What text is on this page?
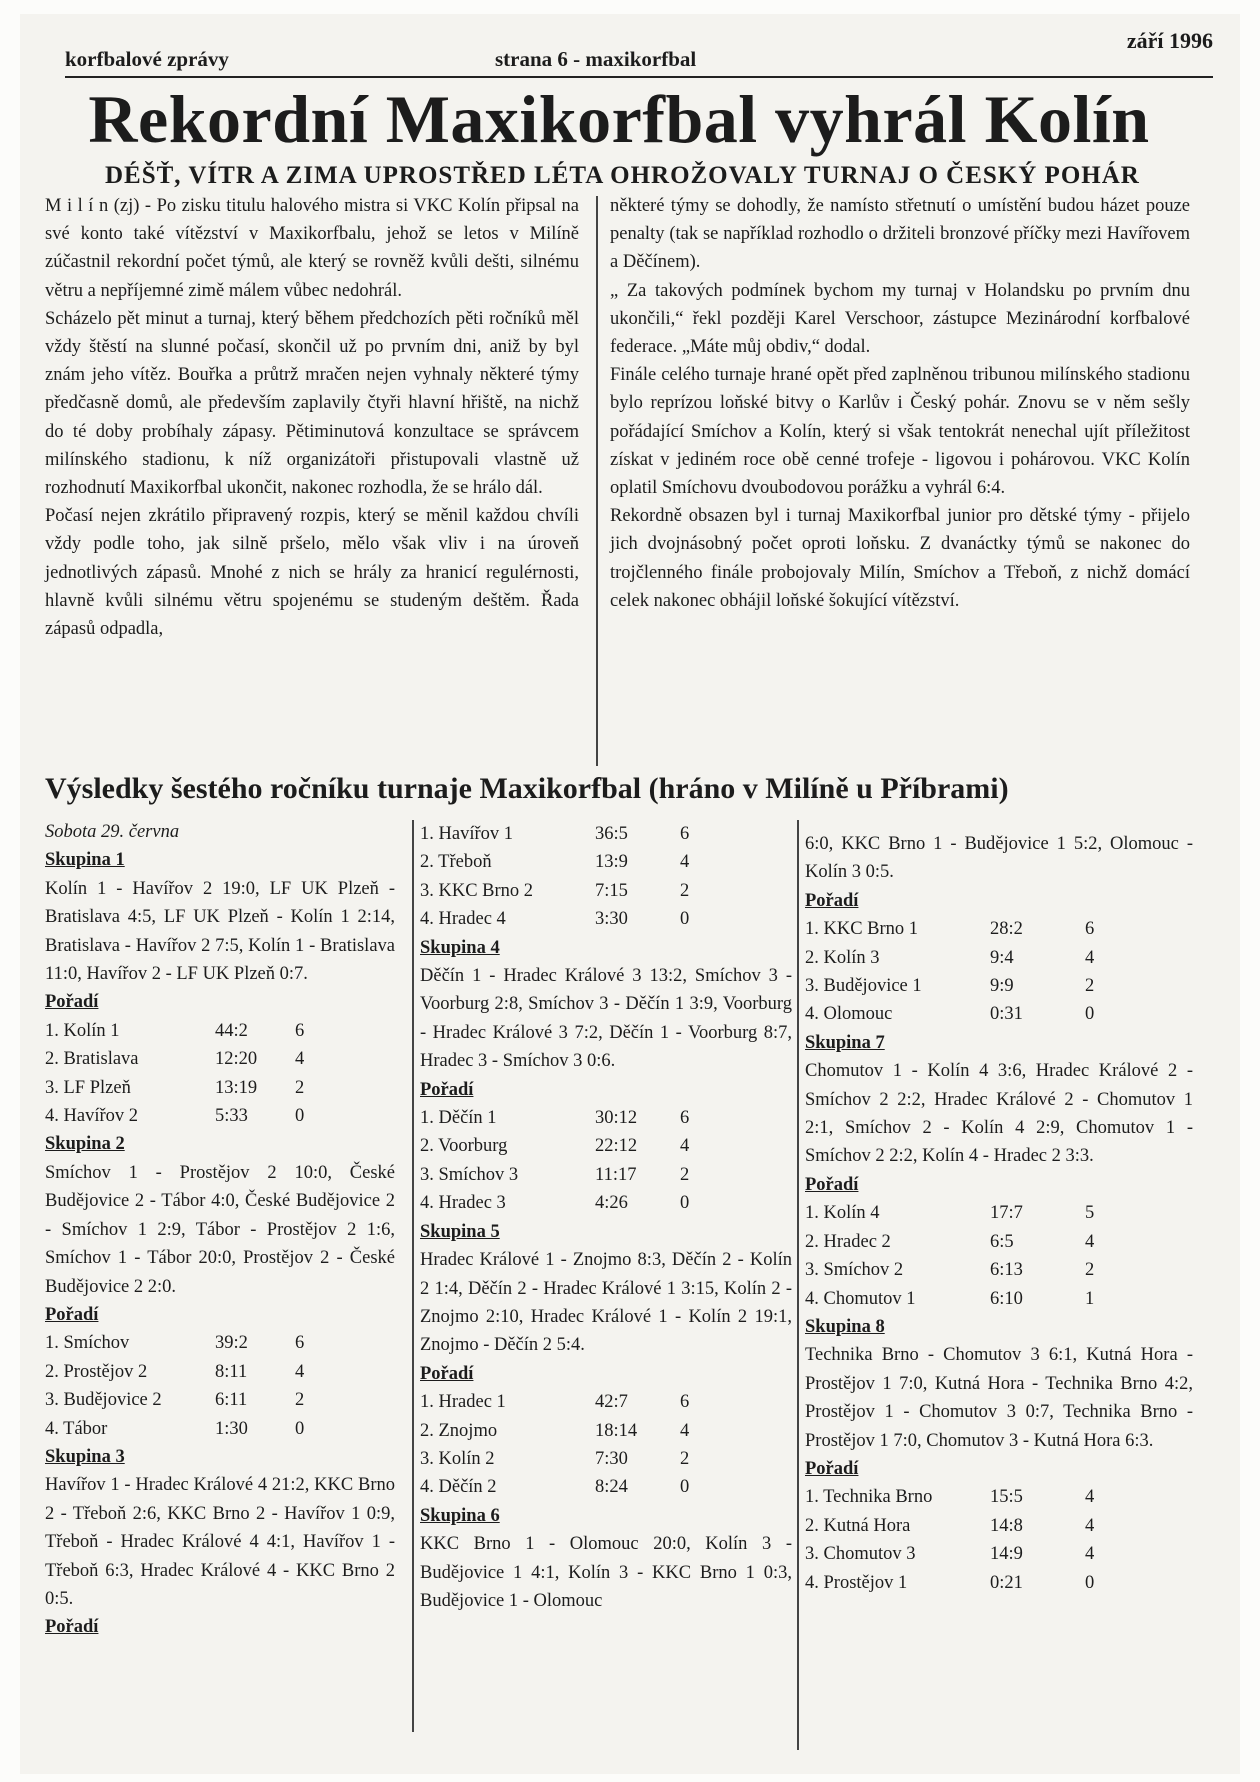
korfbalové zprávy	strana 6 - maxikorfbal
září 1996
Rekordní Maxikorfbal vyhrál Kolín
DÉŠŤ, VÍTR A ZIMA UPROSTŘED LÉTA OHROŽOVALY TURNAJ O ČESKÝ POHÁR

M i l í n (zj) - Po zisku titulu halového mistra si VKC Kolín připsal na své konto také vítězství v Maxikorfbalu, jehož se letos v Milíně zúčastnil rekordní počet týmů, ale který se rovněž kvůli dešti, silnému větru a nepříjemné zimě málem vůbec nedohrál.

Scházelo pět minut a turnaj, který během předchozích pěti ročníků měl vždy štěstí na slunné počasí, skončil už po prvním dni, aniž by byl znám jeho vítěz. Bouřka a průtrž mračen nejen vyhnaly některé týmy předčasně domů, ale především zaplavily čtyři hlavní hřiště, na nichž do té doby probíhaly zápasy. Pětiminutová konzultace se správcem milínského stadionu, k níž organizátoři přistupovali vlastně už rozhodnutí Maxikorfbal ukončit, nakonec rozhodla, že se hrálo dál.

Počasí nejen zkrátilo připravený rozpis, který se měnil každou chvíli vždy podle toho, jak silně pršelo, mělo však vliv i na úroveň jednotlivých zápasů. Mnohé z nich se hrály za hranicí regulérnosti, hlavně kvůli silnému větru spojenému se studeným deštěm. Řada zápasů odpadla,

některé týmy se dohodly, že namísto střetnutí o umístění budou házet pouze penalty (tak se například rozhodlo o držiteli bronzové příčky mezi Havířovem a Děčínem).

„ Za takových podmínek bychom my turnaj v Holandsku po prvním dnu ukončili,“ řekl později Karel Verschoor, zástupce Mezinárodní korfbalové federace. „Máte můj obdiv,“ dodal.

Finále celého turnaje hrané opět před zaplněnou tribunou milínského stadionu bylo reprízou loňské bitvy o Karlův i Český pohár. Znovu se v něm sešly pořádající Smíchov a Kolín, který si však tentokrát nenechal ujít příležitost získat v jediném roce obě cenné trofeje - ligovou i pohárovou. VKC Kolín oplatil Smíchovu dvoubodovou porážku a vyhrál 6:4.

Rekordně obsazen byl i turnaj Maxikorfbal junior pro dětské týmy - přijelo jich dvojnásobný počet oproti loňsku. Z dvanáctky týmů se nakonec do trojčlenného finále probojovaly Milín, Smíchov a Třeboň, z nichž domácí celek nakonec obhájil loňské šokující vítězství.

Výsledky šestého ročníku turnaje Maxikorfbal (hráno v Milíně u Příbrami)

Sobota 29. června

Skupina 1

Kolín 1 - Havířov 2 19:0, LF UK Plzeň - Bratislava 4:5, LF UK Plzeň - Kolín 1 2:14, Bratislava - Havířov 2 7:5, Kolín 1 - Bratislava 11:0, Havířov 2 - LF UK Plzeň 0:7.

Pořadí

1. Kolín 1	44:2	6
2. Bratislava	12:20	4
3. LF Plzeň	13:19	2
4. Havířov 2	5:33	0

Skupina 2

Smíchov 1 - Prostějov 2 10:0, České Budějovice 2 - Tábor 4:0, České Budějovice 2 - Smíchov 1 2:9, Tábor - Prostějov 2 1:6, Smíchov 1 - Tábor 20:0, Prostějov 2 - České Budějovice 2 2:0.

Pořadí

1. Smíchov	39:2	6
2. Prostějov 2	8:11	4
3. Budějovice 2	6:11	2
4. Tábor	1:30	0

Skupina 3

Havířov 1 - Hradec Králové 4 21:2, KKC Brno 2 - Třeboň 2:6, KKC Brno 2 - Havířov 1 0:9, Třeboň - Hradec Králové 4 4:1, Havířov 1 - Třeboň 6:3, Hradec Králové 4 - KKC Brno 2 0:5.

Pořadí

1. Havířov 1	36:5	6
2. Třeboň	13:9	4
3. KKC Brno 2	7:15	2
4. Hradec 4	3:30	0

Skupina 4

Děčín 1 - Hradec Králové 3 13:2, Smíchov 3 - Voorburg 2:8, Smíchov 3 - Děčín 1 3:9, Voorburg - Hradec Králové 3 7:2, Děčín 1 - Voorburg 8:7, Hradec 3 - Smíchov 3 0:6.

Pořadí

1. Děčín 1	30:12	6
2. Voorburg	22:12	4
3. Smíchov 3	11:17	2
4. Hradec 3	4:26	0

Skupina 5

Hradec Králové 1 - Znojmo 8:3, Děčín 2 - Kolín 2 1:4, Děčín 2 - Hradec Králové 1 3:15, Kolín 2 - Znojmo 2:10, Hradec Králové 1 - Kolín 2 19:1, Znojmo - Děčín 2 5:4.

Pořadí

1. Hradec 1	42:7	6
2. Znojmo	18:14	4
3. Kolín 2	7:30	2
4. Děčín 2	8:24	0

Skupina 6

KKC Brno 1 - Olomouc 20:0, Kolín 3 - Budějovice 1 4:1, Kolín 3 - KKC Brno 1 0:3, Budějovice 1 - Olomouc

6:0, KKC Brno 1 - Budějovice 1 5:2, Olomouc - Kolín 3 0:5.

Pořadí

1. KKC Brno 1	28:2	6
2. Kolín 3	9:4	4
3. Budějovice 1	9:9	2
4. Olomouc	0:31	0

Skupina 7

Chomutov 1 - Kolín 4 3:6, Hradec Králové 2 - Smíchov 2 2:2, Hradec Králové 2 - Chomutov 1 2:1, Smíchov 2 - Kolín 4 2:9, Chomutov 1 - Smíchov 2 2:2, Kolín 4 - Hradec 2 3:3.

Pořadí

1. Kolín 4	17:7	5
2. Hradec 2	6:5	4
3. Smíchov 2	6:13	2
4. Chomutov 1	6:10	1

Skupina 8

Technika Brno - Chomutov 3 6:1, Kutná Hora - Prostějov 1 7:0, Kutná Hora - Technika Brno 4:2, Prostějov 1 - Chomutov 3 0:7, Technika Brno - Prostějov 1 7:0, Chomutov 3 - Kutná Hora 6:3.

Pořadí

1. Technika Brno	15:5	4
2. Kutná Hora	14:8	4
3. Chomutov 3	14:9	4
4. Prostějov 1	0:21	0
